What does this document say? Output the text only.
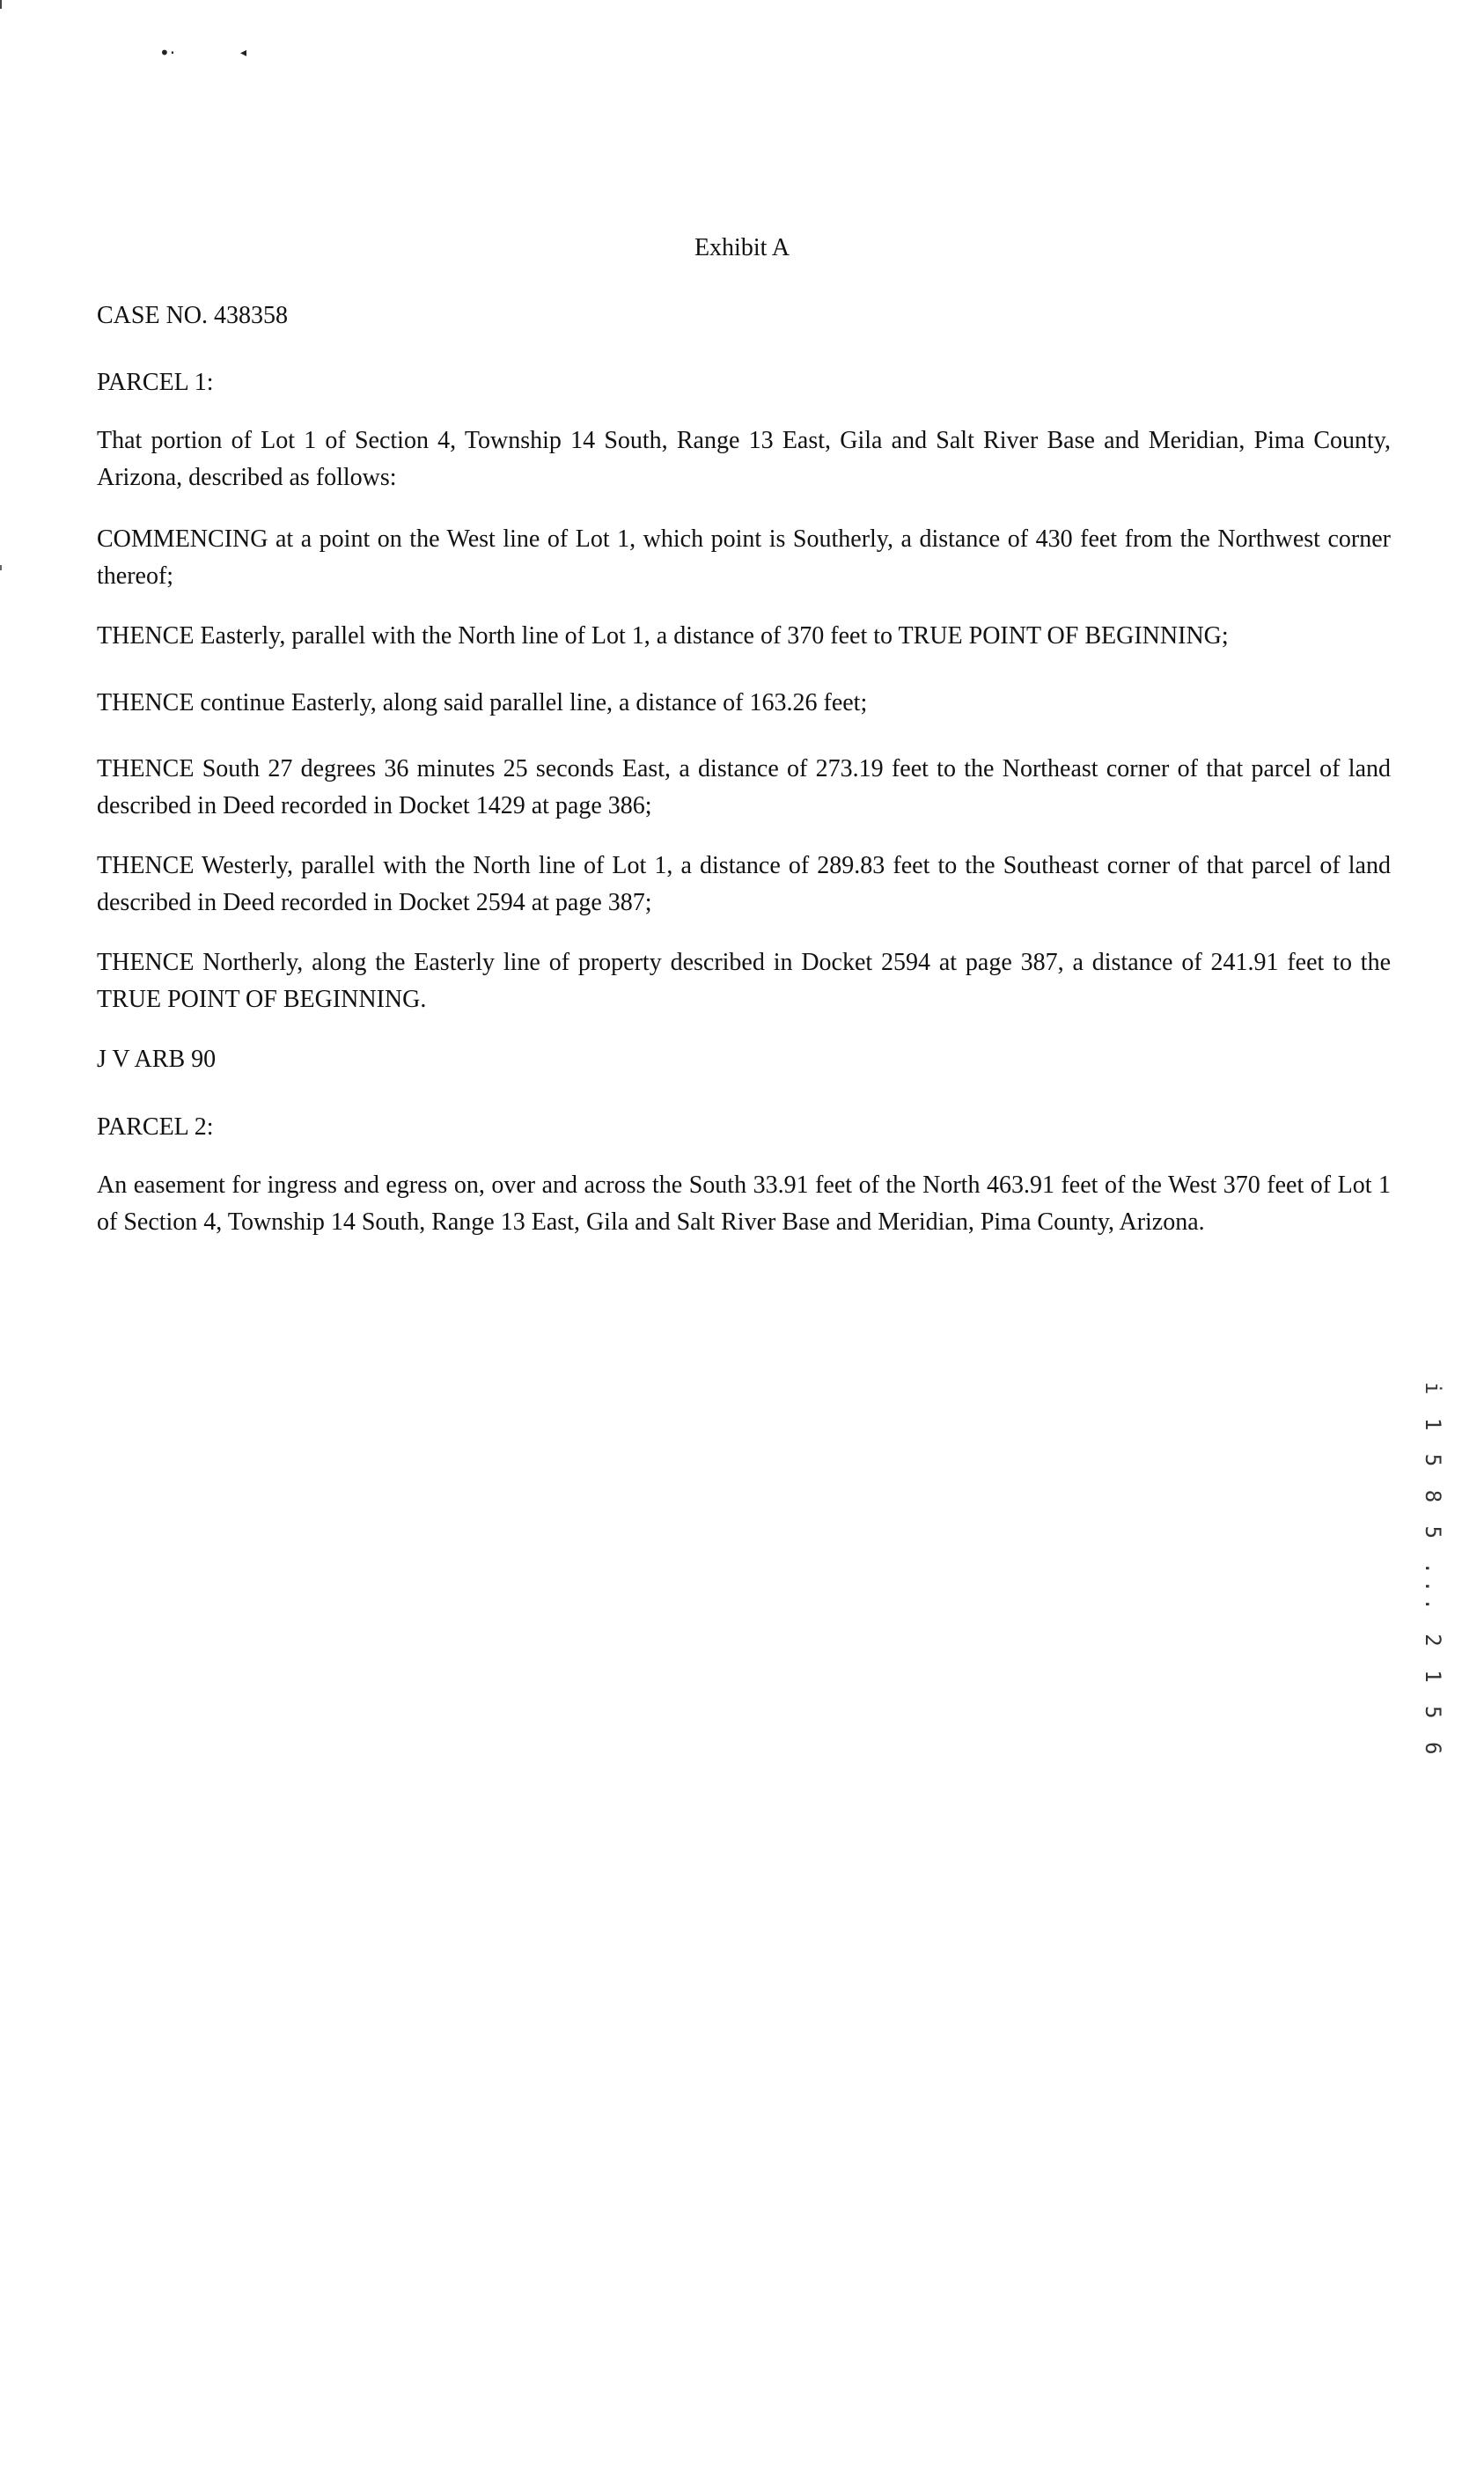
•·	◂
Exhibit A

CASE NO. 438358

PARCEL 1:

That portion of Lot 1 of Section 4, Township 14 South, Range 13 East, Gila and Salt River Base and Meridian, Pima County, Arizona, described as follows:

COMMENCING at a point on the West line of Lot 1, which point is Southerly, a distance of 430 feet from the Northwest corner thereof;

THENCE Easterly, parallel with the North line of Lot 1, a distance of 370 feet to TRUE POINT OF BEGINNING;

THENCE continue Easterly, along said parallel line, a distance of 163.26 feet;

THENCE South 27 degrees 36 minutes 25 seconds East, a distance of 273.19 feet to the Northeast corner of that parcel of land described in Deed recorded in Docket 1429 at page 386;

THENCE Westerly, parallel with the North line of Lot 1, a distance of 289.83 feet to the Southeast corner of that parcel of land described in Deed recorded in Docket 2594 at page 387;

THENCE Northerly, along the Easterly line of property described in Docket 2594 at page 387, a distance of 241.91 feet to the TRUE POINT OF BEGINNING.

J V ARB 90

PARCEL 2:

An easement for ingress and egress on, over and across the South 33.91 feet of the North 463.91 feet of the West 370 feet of Lot 1 of Section 4, Township 14 South, Range 13 East, Gila and Salt River Base and Meridian, Pima County, Arizona.

i 1 5 8 5 ... 2 1 5 6
